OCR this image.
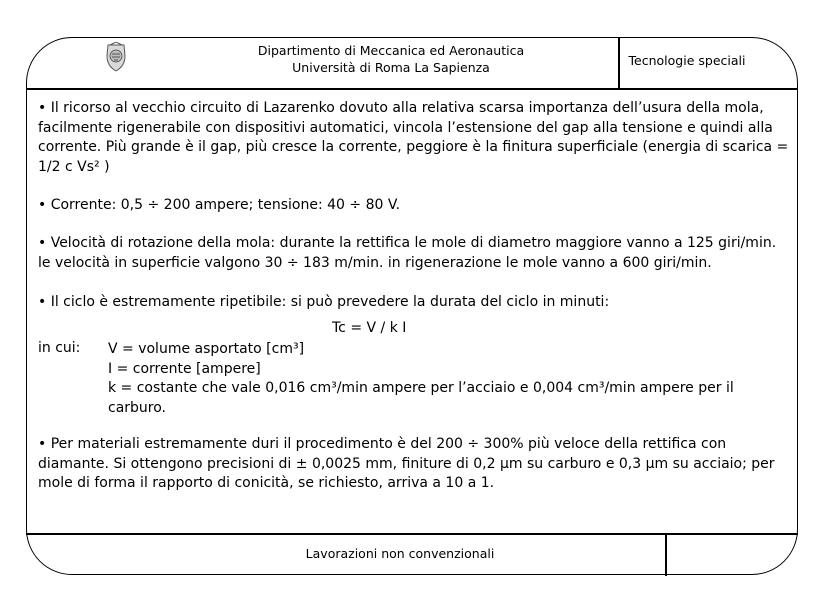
Dipartimento di Meccanica ed Aeronautica
Università di Roma La Sapienza	Tecnologie speciali
• Il ricorso al vecchio circuito di Lazarenko dovuto alla relativa scarsa importanza dell’usura della mola, facilmente rigenerabile con dispositivi automatici, vincola l’estensione del gap alla tensione e quindi alla corrente. Più grande è il gap, più cresce la corrente, peggiore è la finitura superficiale (energia di scarica = 1/2 c Vs² )
• Corrente: 0,5 ÷ 200 ampere; tensione: 40 ÷ 80 V.
• Velocità di rotazione della mola: durante la rettifica le mole di diametro maggiore vanno a 125 giri/min. le velocità in superficie valgono 30 ÷ 183 m/min. in rigenerazione le mole vanno a 600 giri/min.
• Il ciclo è estremamente ripetibile: si può prevedere la durata del ciclo in minuti:
Tc = V / k I
in cui: V = volume asportato [cm³]
I = corrente [ampere]
k = costante che vale 0,016 cm³/min ampere per l’acciaio e 0,004 cm³/min ampere per il carburo.
• Per materiali estremamente duri il procedimento è del 200 ÷ 300% più veloce della rettifica con diamante. Si ottengono precisioni di ± 0,0025 mm, finiture di 0,2 µm su carburo e 0,3 µm su acciaio; per mole di forma il rapporto di conicità, se richiesto, arriva a 10 a 1.
Lavorazioni non convenzionali
